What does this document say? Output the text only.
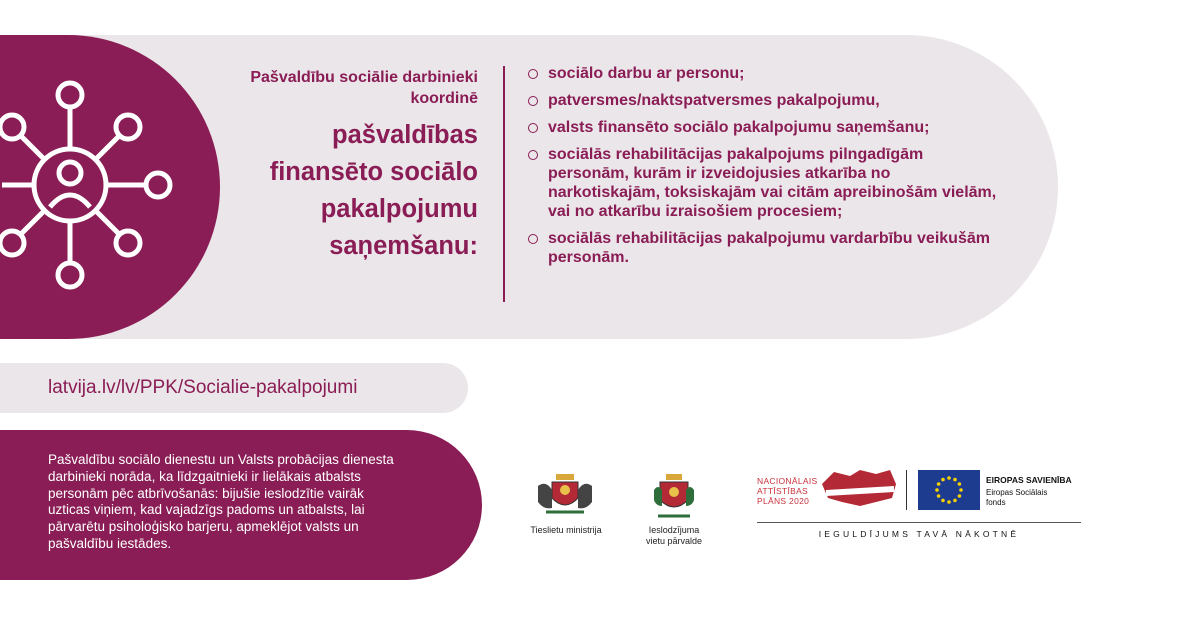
Pašvaldību sociālie darbinieki koordinē
pašvaldības finansēto sociālo pakalpojumu saņemšanu:
sociālo darbu ar personu;
patversmes/naktspatversmes pakalpojumu,
valsts finansēto sociālo pakalpojumu saņemšanu;
sociālās rehabilitācijas pakalpojums pilngadīgām personām, kurām ir izveidojusies atkarība no narkotiskajām, toksiskajām vai citām apreibinošām vielām, vai no atkarību izraisošiem procesiem;
sociālās rehabilitācijas pakalpojumu vardarbību veikušām personām.
latvija.lv/lv/PPK/Socialie-pakalpojumi

Pašvaldību sociālo dienestu un Valsts probācijas dienesta darbinieki norāda, ka līdzgaitnieki ir lielākais atbalsts personām pēc atbrīvošanās: bijušie ieslodzītie vairāk uzticas viņiem, kad vajadzīgs padoms un atbalsts, lai pārvarētu psiholoģisko barjeru, apmeklējot valsts un pašvaldību iestādes.

Tieslietu ministrija	Ieslodzījuma
vietu pārvalde
NACIONĀLAIS
ATTĪSTĪBAS
PLĀNS 2020
EIROPAS SAVIENĪBA
Eiropas Sociālais
fonds
IEGULDĪJUMS TAVĀ NĀKOTNĒ
